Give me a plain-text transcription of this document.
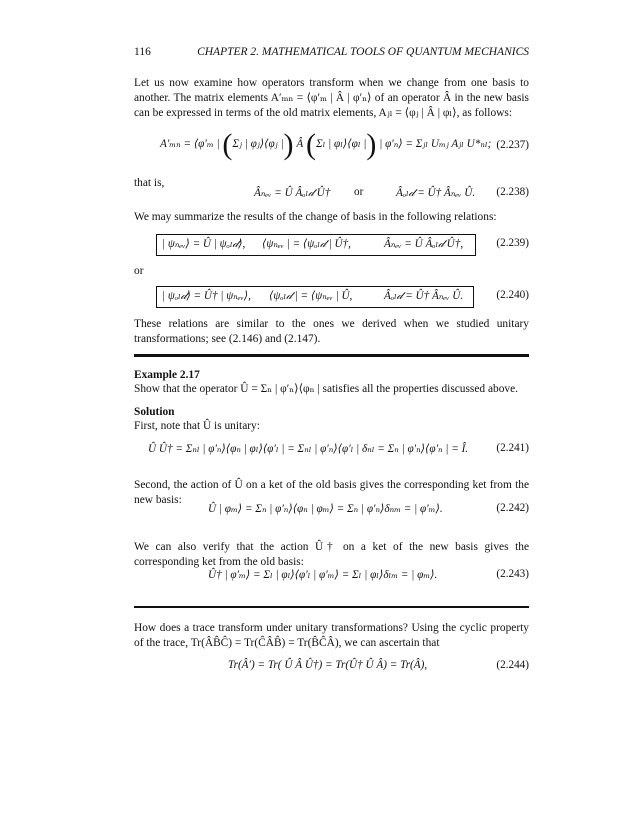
116	CHAPTER 2. MATHEMATICAL TOOLS OF QUANTUM MECHANICS
Let us now examine how operators transform when we change from one basis to another. The matrix elements A′ₘₙ = ⟨φ′ₘ | Â | φ′ₙ⟩ of an operator Â in the new basis can be expressed in terms of the old matrix elements, Aⱼₗ = ⟨φⱼ | Â | φₗ⟩, as follows:
A′ₘₙ = ⟨φ′ₘ | (Σⱼ | φⱼ⟩⟨φⱼ |) Â (Σₗ | φₗ⟩⟨φₗ |) | φ′ₙ⟩ = Σⱼₗ Uₘⱼ Aⱼₗ U*ₙₗ; (2.237)
that is,
Âₙₑᵥ = Û Âₒₗ𝒹 Û† or	Âₒₗ𝒹 = Û† Âₙₑᵥ Û. (2.238)
We may summarize the results of the change of basis in the following relations:
| ψₙₑᵥ⟩ = Û | ψₒₗ𝒹⟩, ⟨ψₙₑᵥ | = ⟨ψₒₗ𝒹 | Û†,	Âₙₑᵥ = Û Âₒₗ𝒹 Û†,	(2.239)
or
| ψₒₗ𝒹⟩ = Û† | ψₙₑᵥ⟩, ⟨ψₒₗ𝒹 | = ⟨ψₙₑᵥ | Û,	Âₒₗ𝒹 = Û† Âₙₑᵥ Û.	(2.240)
These relations are similar to the ones we derived when we studied unitary transformations; see (2.146) and (2.147).
Example 2.17
Show that the operator Û = Σₙ | φ′ₙ⟩⟨φₙ | satisfies all the properties discussed above.
Solution
First, note that Û is unitary:
Û Û† = Σₙₗ | φ′ₙ⟩⟨φₙ | φₗ⟩⟨φ′ₗ | = Σₙₗ | φ′ₙ⟩⟨φ′ₗ | δₙₗ = Σₙ | φ′ₙ⟩⟨φ′ₙ | = Î.	(2.241)
Second, the action of Û on a ket of the old basis gives the corresponding ket from the new basis:
Û | φₘ⟩ = Σₙ | φ′ₙ⟩⟨φₙ | φₘ⟩ = Σₙ | φ′ₙ⟩δₙₘ = | φ′ₘ⟩.	(2.242)
We can also verify that the action Û† on a ket of the new basis gives the corresponding ket from the old basis:
Û† | φ′ₘ⟩ = Σₗ | φₗ⟩⟨φ′ₗ | φ′ₘ⟩ = Σₗ | φₗ⟩δₗₘ = | φₘ⟩.	(2.243)
How does a trace transform under unitary transformations? Using the cyclic property of the trace, Tr(ÂB̂Ĉ) = Tr(ĈÂB̂) = Tr(B̂ĈÂ), we can ascertain that
Tr(Â′) = Tr( Û Â Û†) = Tr(Û† Û Â) = Tr(Â),	(2.244)
